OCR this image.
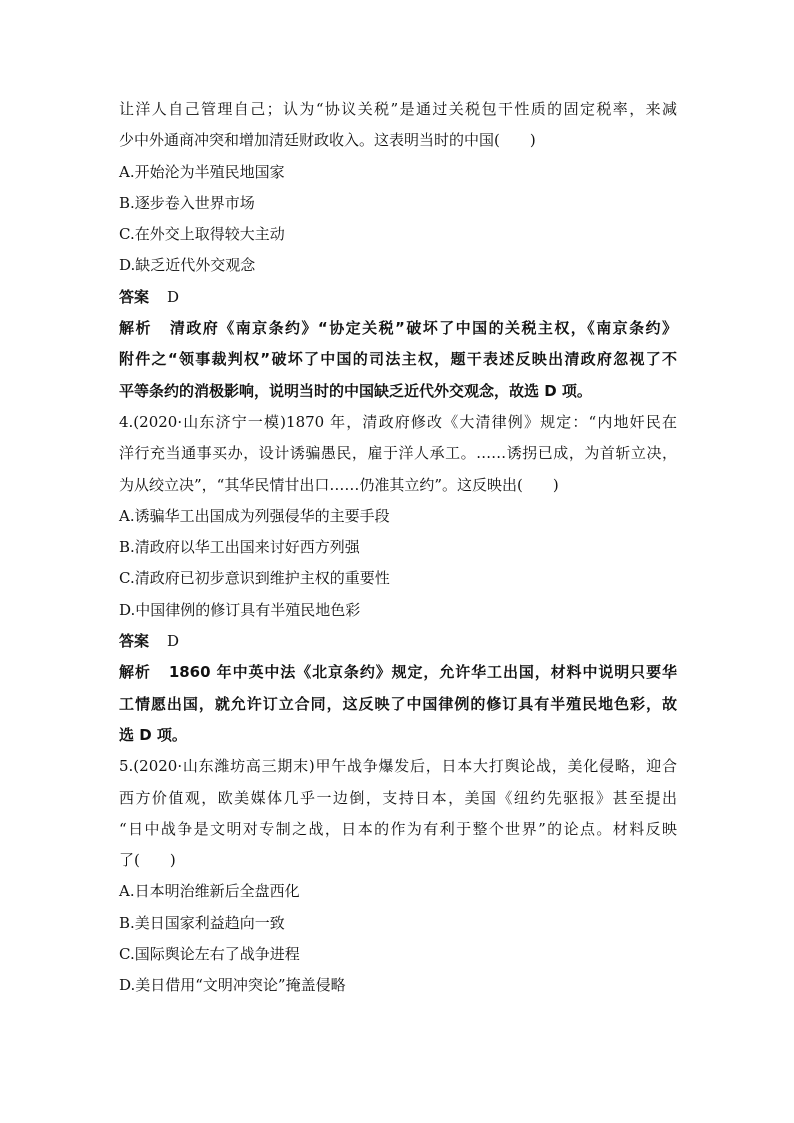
让洋人自己管理自己；认为“协议关税”是通过关税包干性质的固定税率，来减
少中外通商冲突和增加清廷财政收入。这表明当时的中国(　　)
A.开始沦为半殖民地国家
B.逐步卷入世界市场
C.在外交上取得较大主动
D.缺乏近代外交观念
答案 D
解析 清政府《南京条约》“协定关税”破坏了中国的关税主权，《南京条约》
附件之“领事裁判权”破坏了中国的司法主权，题干表述反映出清政府忽视了不
平等条约的消极影响，说明当时的中国缺乏近代外交观念，故选 D 项。
4.(2020·山东济宁一模)1870 年，清政府修改《大清律例》规定：“内地奸民在
洋行充当通事买办，设计诱骗愚民，雇于洋人承工。……诱拐已成，为首斩立决，
为从绞立决”，“其华民情甘出口……仍准其立约”。这反映出(　　)
A.诱骗华工出国成为列强侵华的主要手段
B.清政府以华工出国来讨好西方列强
C.清政府已初步意识到维护主权的重要性
D.中国律例的修订具有半殖民地色彩
答案 D
解析 1860 年中英中法《北京条约》规定，允许华工出国，材料中说明只要华
工情愿出国，就允许订立合同，这反映了中国律例的修订具有半殖民地色彩，故
选 D 项。
5.(2020·山东潍坊高三期末)甲午战争爆发后，日本大打舆论战，美化侵略，迎合
西方价值观，欧美媒体几乎一边倒，支持日本，美国《纽约先驱报》甚至提出
“日中战争是文明对专制之战，日本的作为有利于整个世界”的论点。材料反映
了(　　)
A.日本明治维新后全盘西化
B.美日国家利益趋向一致
C.国际舆论左右了战争进程
D.美日借用“文明冲突论”掩盖侵略
